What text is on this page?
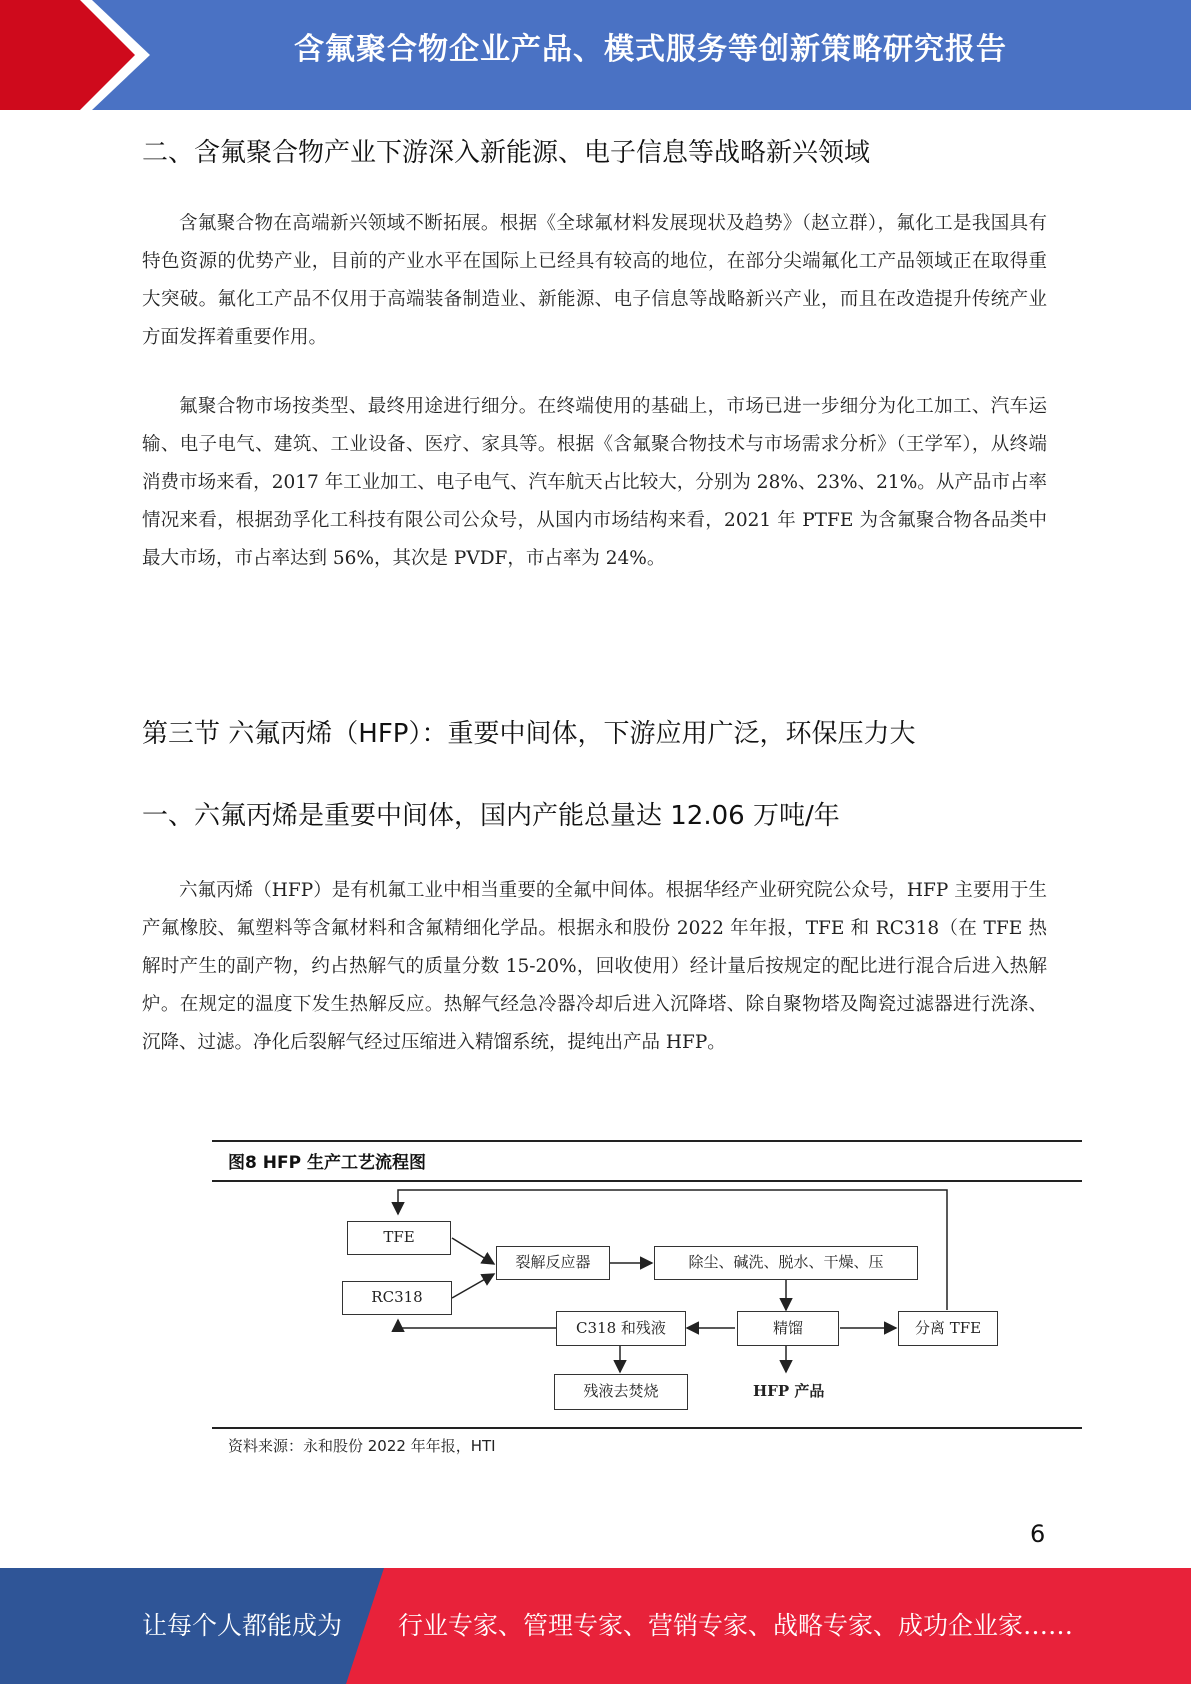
含氟聚合物企业产品、模式服务等创新策略研究报告
二、含氟聚合物产业下游深入新能源、电子信息等战略新兴领域
含氟聚合物在高端新兴领域不断拓展。根据《全球氟材料发展现状及趋势》（赵立群），氟化工是我国具有特色资源的优势产业，目前的产业水平在国际上已经具有较高的地位，在部分尖端氟化工产品领域正在取得重大突破。氟化工产品不仅用于高端装备制造业、新能源、电子信息等战略新兴产业，而且在改造提升传统产业方面发挥着重要作用。
氟聚合物市场按类型、最终用途进行细分。在终端使用的基础上，市场已进一步细分为化工加工、汽车运输、电子电气、建筑、工业设备、医疗、家具等。根据《含氟聚合物技术与市场需求分析》（王学军），从终端消费市场来看，2017 年工业加工、电子电气、汽车航天占比较大，分别为 28%、23%、21%。从产品市占率情况来看，根据劲孚化工科技有限公司公众号，从国内市场结构来看，2021 年 PTFE 为含氟聚合物各品类中最大市场，市占率达到 56%，其次是 PVDF，市占率为 24%。
第三节 六氟丙烯（HFP）：重要中间体，下游应用广泛，环保压力大
一、六氟丙烯是重要中间体，国内产能总量达 12.06 万吨/年
六氟丙烯（HFP）是有机氟工业中相当重要的全氟中间体。根据华经产业研究院公众号，HFP 主要用于生产氟橡胶、氟塑料等含氟材料和含氟精细化学品。根据永和股份 2022 年年报，TFE 和 RC318（在 TFE 热解时产生的副产物，约占热解气的质量分数 15-20%，回收使用）经计量后按规定的配比进行混合后进入热解炉。在规定的温度下发生热解反应。热解气经急冷器冷却后进入沉降塔、除自聚物塔及陶瓷过滤器进行洗涤、沉降、过滤。净化后裂解气经过压缩进入精馏系统，提纯出产品 HFP。
图8 HFP 生产工艺流程图
TFE
RC318
裂解反应器	除尘、碱洗、脱水、干燥、压
C318 和残液	精馏	分离 TFE
残液去焚烧	HFP 产品
资料来源：永和股份 2022 年年报，HTI
6
让每个人都能成为 行业专家、管理专家、营销专家、战略专家、成功企业家……
